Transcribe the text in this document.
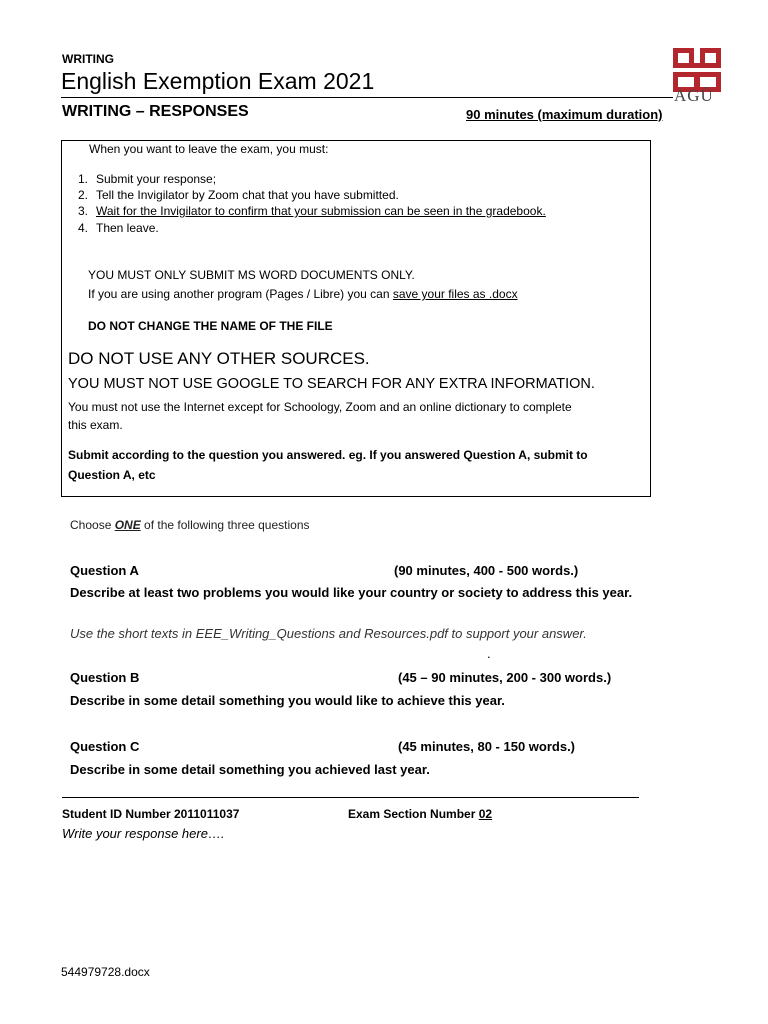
WRITING
English Exemption Exam 2021
WRITING – RESPONSES	90 minutes (maximum duration)
AGÜ
When you want to leave the exam, you must:
1. Submit your response;
2. Tell the Invigilator by Zoom chat that you have submitted.
3. Wait for the Invigilator to confirm that your submission can be seen in the gradebook.
4. Then leave.
YOU MUST ONLY SUBMIT MS WORD DOCUMENTS ONLY.
If you are using another program (Pages / Libre) you can save your files as .docx
DO NOT CHANGE THE NAME OF THE FILE
DO NOT USE ANY OTHER SOURCES.
YOU MUST NOT USE GOOGLE TO SEARCH FOR ANY EXTRA INFORMATION.
You must not use the Internet except for Schoology, Zoom and an online dictionary to complete
this exam.
Submit according to the question you answered. eg. If you answered Question A, submit to
Question A, etc
Choose ONE of the following three questions
Question A	(90 minutes, 400 - 500 words.)
Describe at least two problems you would like your country or society to address this year.
Use the short texts in EEE_Writing_Questions and Resources.pdf to support your answer.
.
Question B	(45 – 90 minutes, 200 - 300 words.)
Describe in some detail something you would like to achieve this year.
Question C	(45 minutes, 80 - 150 words.)
Describe in some detail something you achieved last year.
Student ID Number 2011011037	Exam Section Number 02
Write your response here….
544979728.docx
